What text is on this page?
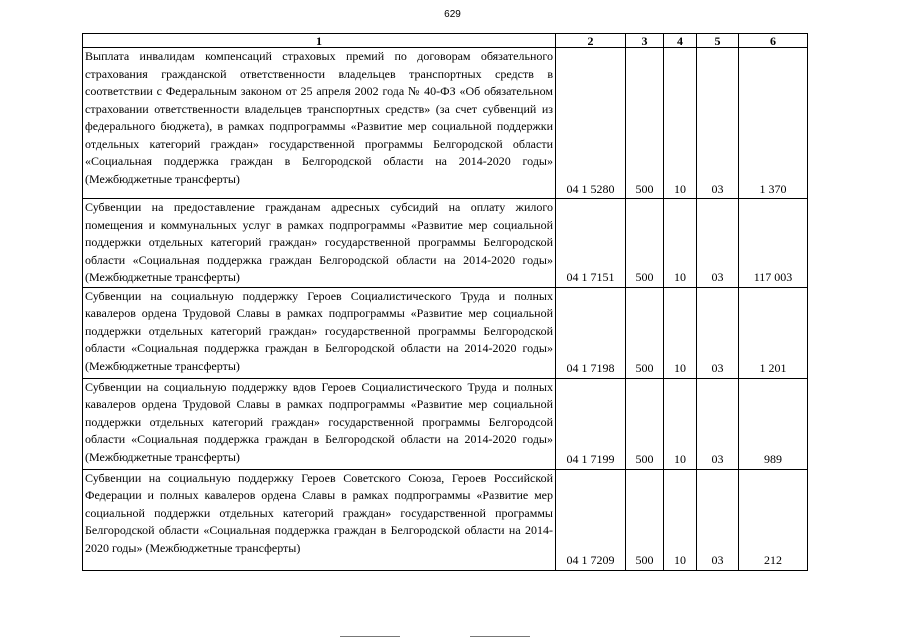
629
1	2	3	4	5	6
Выплата инвалидам компенсаций страховых премий по договорам обязательного страхования гражданской ответственности владельцев транспортных средств в соответствии с Федеральным законом от 25 апреля 2002 года № 40-ФЗ «Об обязательном страховании ответственности владельцев транспортных средств» (за счет субвенций из федерального бюджета), в рамках подпрограммы «Развитие мер социальной поддержки отдельных категорий граждан» государственной программы Белгородской области «Социальная поддержка граждан в Белгородской области на 2014-2020 годы» (Межбюджетные трансферты)	04 1 5280	500	10	03	1 370
Субвенции на предоставление гражданам адресных субсидий на оплату жилого помещения и коммунальных услуг в рамках подпрограммы «Развитие мер социальной поддержки отдельных категорий граждан» государственной программы Белгородской области «Социальная поддержка граждан Белгородской области на 2014-2020 годы» (Межбюджетные трансферты)	04 1 7151	500	10	03	117 003
Субвенции на социальную поддержку Героев Социалистического Труда и полных кавалеров ордена Трудовой Славы в рамках подпрограммы «Развитие мер социальной поддержки отдельных категорий граждан» государственной программы Белгородской области «Социальная поддержка граждан в Белгородской области на 2014-2020 годы» (Межбюджетные трансферты)	04 1 7198	500	10	03	1 201
Субвенции на социальную поддержку вдов Героев Социалистического Труда и полных кавалеров ордена Трудовой Славы в рамках подпрограммы «Развитие мер социальной поддержки отдельных категорий граждан» государственной программы Белгородсой области «Социальная поддержка граждан в Белгородской области на 2014-2020 годы» (Межбюджетные трансферты)	04 1 7199	500	10	03	989
Субвенции на социальную поддержку Героев Советского Союза, Героев Российской Федерации и полных кавалеров ордена Славы в рамках подпрограммы «Развитие мер социальной поддержки отдельных категорий граждан» государственной программы Белгородской области «Социальная поддержка граждан в Белгородской области на 2014-2020 годы» (Межбюджетные трансферты)	04 1 7209	500	10	03	212
